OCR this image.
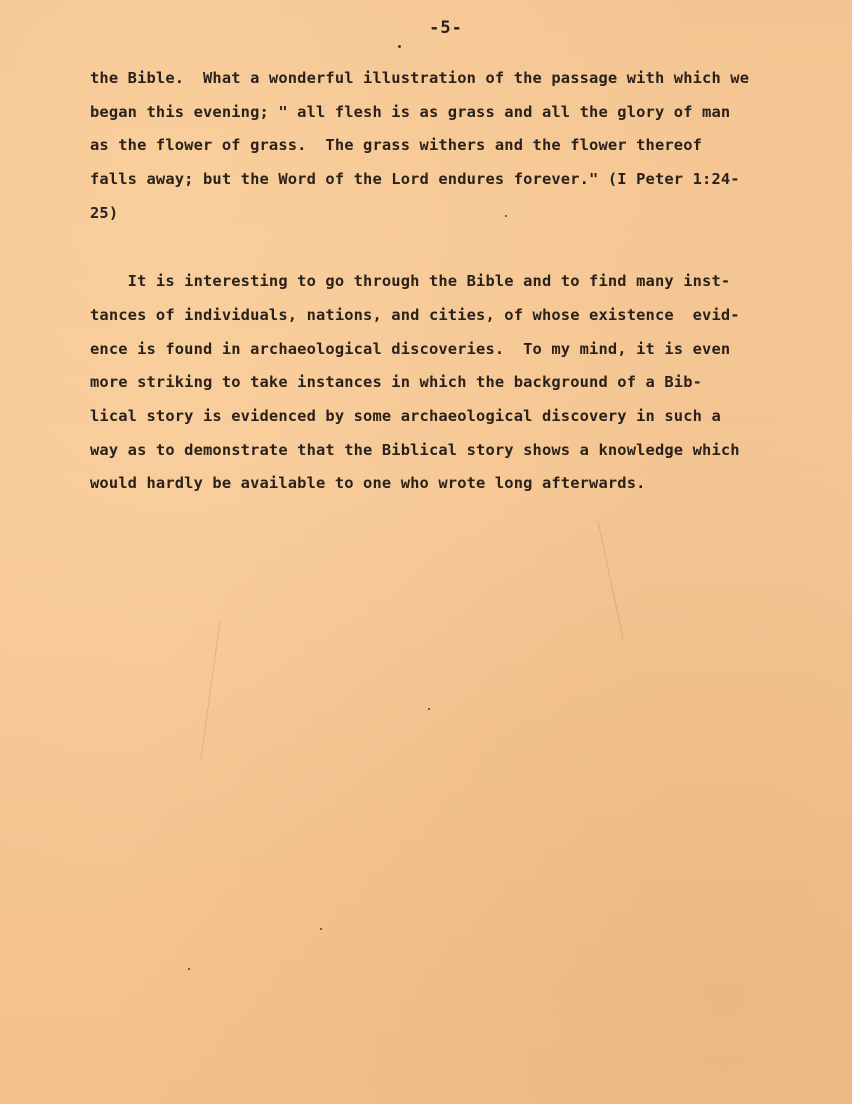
-5-
the Bible.  What a wonderful illustration of the passage with which we
began this evening; " all flesh is as grass and all the glory of man
as the flower of grass.  The grass withers and the flower thereof
falls away; but the Word of the Lord endures forever." (I Peter 1:24-
25)
It is interesting to go through the Bible and to find many inst-
tances of individuals, nations, and cities, of whose existence  evid-
ence is found in archaeological discoveries.  To my mind, it is even
more striking to take instances in which the background of a Bib-
lical story is evidenced by some archaeological discovery in such a
way as to demonstrate that the Biblical story shows a knowledge which
would hardly be available to one who wrote long afterwards.
